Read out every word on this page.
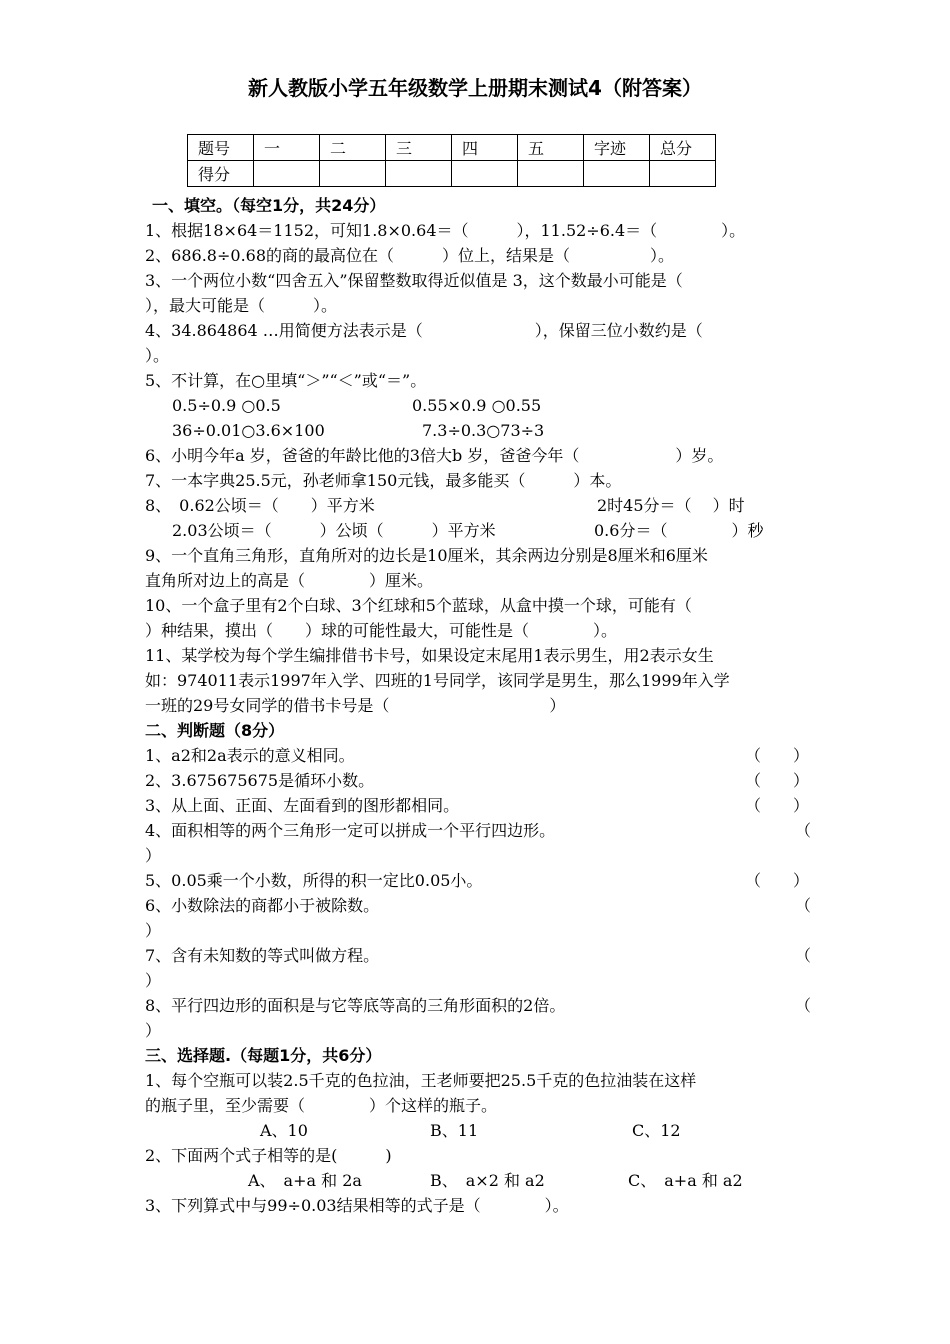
新人教版小学五年级数学上册期末测试4（附答案）
题号	一	二	三	四	五	字迹	总分
得分							
一、填空。（每空1分，共24分）
1、根据18×64＝1152，可知1.8×0.64＝（　　　），11.52÷6.4＝（　　　　）。
2、686.8÷0.68的商的最高位在（　　　）位上，结果是（　　　　　）。
3、一个两位小数“四舍五入”保留整数取得近似值是 3，这个数最小可能是（
），最大可能是（　　　）。
4、34.864864 …用简便方法表示是（　　　　　　　），保留三位小数约是（
）。
5、不计算，在○里填“＞”“＜”或“＝”。
0.5÷0.9 ○0.5	0.55×0.9 ○0.55
36÷0.01○3.6×100	7.3÷0.3○73÷3
6、小明今年a 岁，爸爸的年龄比他的3倍大b 岁，爸爸今年（　　　　　　）岁。
7、一本字典25.5元，孙老师拿150元钱，最多能买（　　　）本。
8、　0.62公顷＝（　　）平方米	2时45分＝（　 ）时
2.03公顷＝（　　　）公顷（　　　）平方米	0.6分＝（　　　　）秒
9、一个直角三角形，直角所对的边长是10厘米，其余两边分别是8厘米和6厘米
直角所对边上的高是（　　　　）厘米。
10、一个盒子里有2个白球、3个红球和5个蓝球，从盒中摸一个球，可能有（
）种结果，摸出（　　）球的可能性最大，可能性是（　　　　）。
11、某学校为每个学生编排借书卡号，如果设定末尾用1表示男生，用2表示女生
如：974011表示1997年入学、四班的1号同学，该同学是男生，那么1999年入学
一班的29号女同学的借书卡号是（　　　　　　　　　　）
二、判断题（8分）
1、a2和2a表示的意义相同。	（　　）
2、3.675675675是循环小数。	（　　）
3、从上面、正面、左面看到的图形都相同。	（　　）
4、面积相等的两个三角形一定可以拼成一个平行四边形。	（
）
5、0.05乘一个小数，所得的积一定比0.05小。	（　　）
6、小数除法的商都小于被除数。	（
）
7、含有未知数的等式叫做方程。	（
）
8、平行四边形的面积是与它等底等高的三角形面积的2倍。	（
）
三、选择题.（每题1分，共6分）
1、每个空瓶可以装2.5千克的色拉油，王老师要把25.5千克的色拉油装在这样
的瓶子里，至少需要（　　　　）个这样的瓶子。
A、10	B、11	C、12
2、下面两个式子相等的是(　　　)
A、　a+a 和 2a	B、　a×2 和 a2	C、　a+a 和 a2
3、下列算式中与99÷0.03结果相等的式子是（　　　　）。
